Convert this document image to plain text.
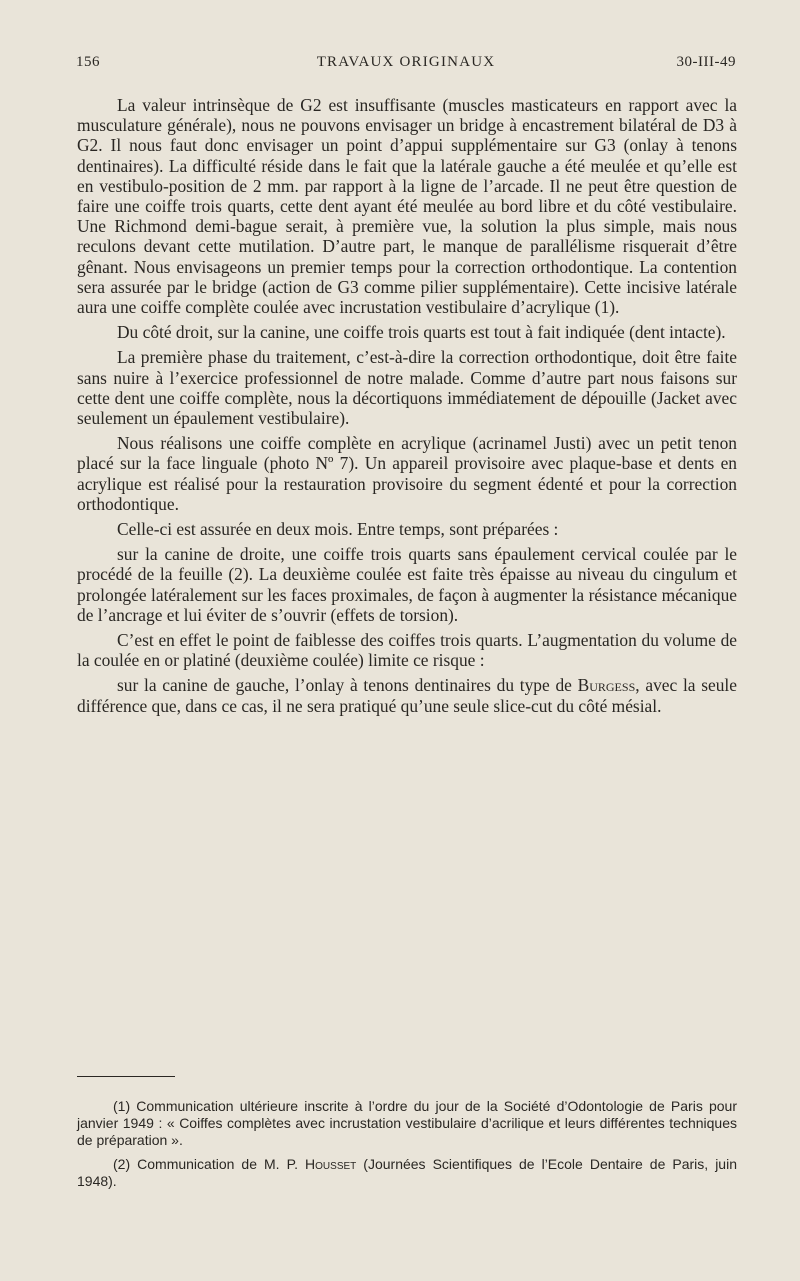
156	TRAVAUX ORIGINAUX	30-III-49

La valeur intrinsèque de G2 est insuffisante (muscles masticateurs en rapport avec la musculature générale), nous ne pouvons envisager un bridge à encastrement bilatéral de D3 à G2. Il nous faut donc envisager un point d’appui supplémentaire sur G3 (onlay à tenons dentinaires). La difficulté réside dans le fait que la latérale gauche a été meulée et qu’elle est en vestibulo-position de 2 mm. par rapport à la ligne de l’arcade. Il ne peut être question de faire une coiffe trois quarts, cette dent ayant été meulée au bord libre et du côté vestibulaire. Une Richmond demi-bague serait, à première vue, la solution la plus simple, mais nous reculons devant cette mutilation. D’autre part, le manque de parallélisme risquerait d’être gênant. Nous envisageons un premier temps pour la correction orthodontique. La contention sera assurée par le bridge (action de G3 comme pilier supplémentaire). Cette incisive latérale aura une coiffe complète coulée avec incrustation vestibulaire d’acrylique (1).

Du côté droit, sur la canine, une coiffe trois quarts est tout à fait indiquée (dent intacte).

La première phase du traitement, c’est-à-dire la correction orthodontique, doit être faite sans nuire à l’exercice professionnel de notre malade. Comme d’autre part nous faisons sur cette dent une coiffe complète, nous la décortiquons immédiatement de dépouille (Jacket avec seulement un épaulement vestibulaire).

Nous réalisons une coiffe complète en acrylique (acrinamel Justi) avec un petit tenon placé sur la face linguale (photo Nº 7). Un appareil provisoire avec plaque-base et dents en acrylique est réalisé pour la restauration provisoire du segment édenté et pour la correction orthodontique.

Celle-ci est assurée en deux mois. Entre temps, sont préparées :

sur la canine de droite, une coiffe trois quarts sans épaulement cervical coulée par le procédé de la feuille (2). La deuxième coulée est faite très épaisse au niveau du cingulum et prolongée latéralement sur les faces proximales, de façon à augmenter la résistance mécanique de l’ancrage et lui éviter de s’ouvrir (effets de torsion).

C’est en effet le point de faiblesse des coiffes trois quarts. L’augmentation du volume de la coulée en or platiné (deuxième coulée) limite ce risque :

sur la canine de gauche, l’onlay à tenons dentinaires du type de Burgess, avec la seule différence que, dans ce cas, il ne sera pratiqué qu’une seule slice-cut du côté mésial.

(1) Communication ultérieure inscrite à l’ordre du jour de la Société d’Odontologie de Paris pour janvier 1949 : « Coiffes complètes avec incrustation vestibulaire d’acrilique et leurs différentes techniques de préparation ».

(2) Communication de M. P. Housset (Journées Scientifiques de l’Ecole Dentaire de Paris, juin 1948).
